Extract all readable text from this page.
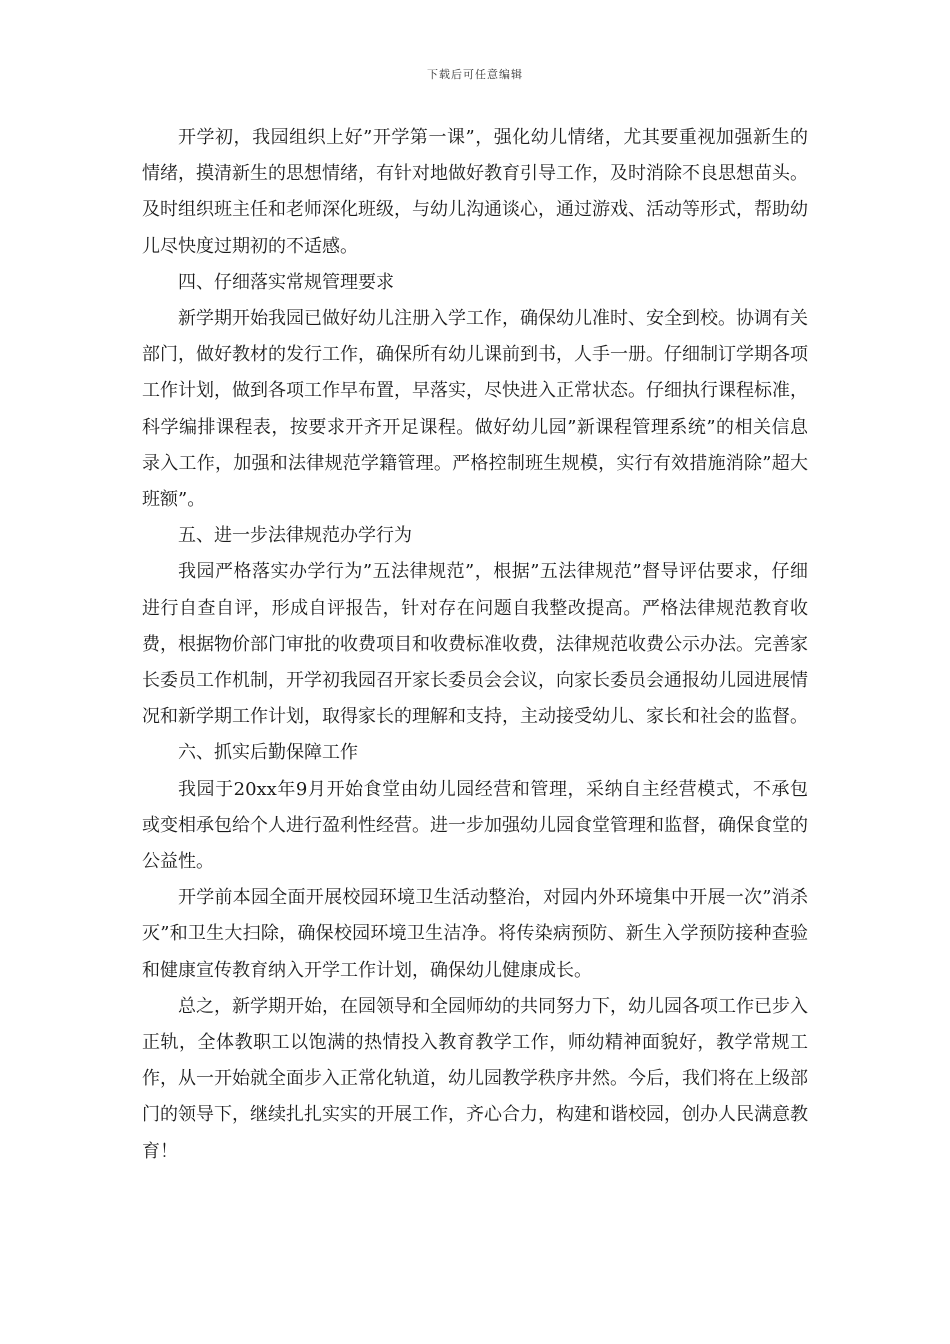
下载后可任意编辑

开学初，我园组织上好”开学第一课”，强化幼儿情绪，尤其要重视加强新生的情绪，摸清新生的思想情绪，有针对地做好教育引导工作，及时消除不良思想苗头。及时组织班主任和老师深化班级，与幼儿沟通谈心，通过游戏、活动等形式，帮助幼儿尽快度过期初的不适感。

四、仔细落实常规管理要求

新学期开始我园已做好幼儿注册入学工作，确保幼儿准时、安全到校。协调有关部门，做好教材的发行工作，确保所有幼儿课前到书，人手一册。仔细制订学期各项工作计划，做到各项工作早布置，早落实，尽快进入正常状态。仔细执行课程标准，科学编排课程表，按要求开齐开足课程。做好幼儿园”新课程管理系统”的相关信息录入工作，加强和法律规范学籍管理。严格控制班生规模，实行有效措施消除”超大班额”。

五、进一步法律规范办学行为

我园严格落实办学行为”五法律规范”，根据”五法律规范”督导评估要求，仔细进行自查自评，形成自评报告，针对存在问题自我整改提高。严格法律规范教育收费，根据物价部门审批的收费项目和收费标准收费，法律规范收费公示办法。完善家长委员工作机制，开学初我园召开家长委员会会议，向家长委员会通报幼儿园进展情况和新学期工作计划，取得家长的理解和支持，主动接受幼儿、家长和社会的监督。

六、抓实后勤保障工作

我园于20xx年9月开始食堂由幼儿园经营和管理，采纳自主经营模式，不承包或变相承包给个人进行盈利性经营。进一步加强幼儿园食堂管理和监督，确保食堂的公益性。

开学前本园全面开展校园环境卫生活动整治，对园内外环境集中开展一次”消杀灭”和卫生大扫除，确保校园环境卫生洁净。将传染病预防、新生入学预防接种查验和健康宣传教育纳入开学工作计划，确保幼儿健康成长。

总之，新学期开始，在园领导和全园师幼的共同努力下，幼儿园各项工作已步入正轨，全体教职工以饱满的热情投入教育教学工作，师幼精神面貌好，教学常规工作，从一开始就全面步入正常化轨道，幼儿园教学秩序井然。今后，我们将在上级部门的领导下，继续扎扎实实的开展工作，齐心合力，构建和谐校园，创办人民满意教育！
